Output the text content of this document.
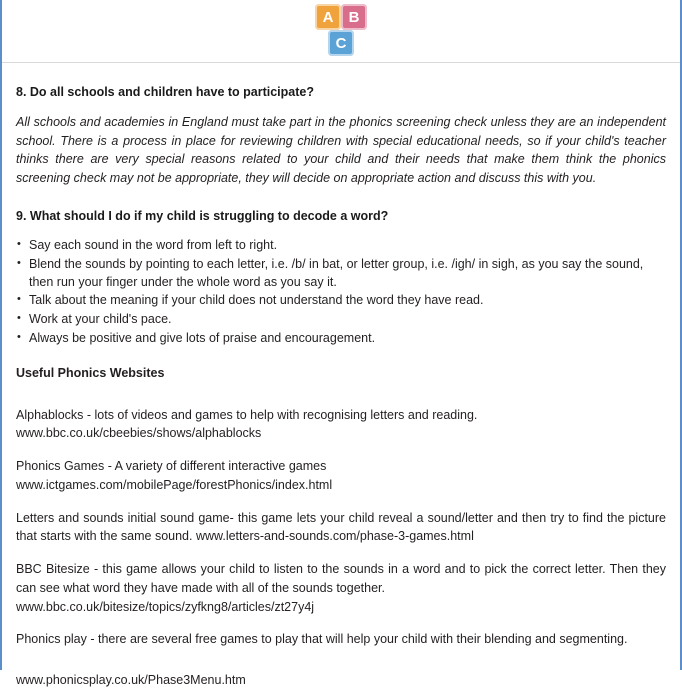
A	B
C
8. Do all schools and children have to participate?

All schools and academies in England must take part in the phonics screening check unless they are an independent school. There is a process in place for reviewing children with special educational needs, so if your child's teacher thinks there are very special reasons related to your child and their needs that make them think the phonics screening check may not be appropriate, they will decide on appropriate action and discuss this with you.

9. What should I do if my child is struggling to decode a word?
• Say each sound in the word from left to right.
• Blend the sounds by pointing to each letter, i.e. /b/ in bat, or letter group, i.e. /igh/ in sigh, as you say the sound, then run your finger under the whole word as you say it.
• Talk about the meaning if your child does not understand the word they have read.
• Work at your child's pace.
• Always be positive and give lots of praise and encouragement.
Useful Phonics Websites
Alphablocks - lots of videos and games to help with recognising letters and reading.
www.bbc.co.uk/cbeebies/shows/alphablocks
Phonics Games - A variety of different interactive games
www.ictgames.com/mobilePage/forestPhonics/index.html
Letters and sounds initial sound game- this game lets your child reveal a sound/letter and then try to find the picture that starts with the same sound. www.letters-and-sounds.com/phase-3-games.html
BBC Bitesize - this game allows your child to listen to the sounds in a word and to pick the correct letter. Then they can see what word they have made with all of the sounds together.
www.bbc.co.uk/bitesize/topics/zyfkng8/articles/zt27y4j
Phonics play - there are several free games to play that will help your child with their blending and segmenting.
www.phonicsplay.co.uk/Phase3Menu.htm
